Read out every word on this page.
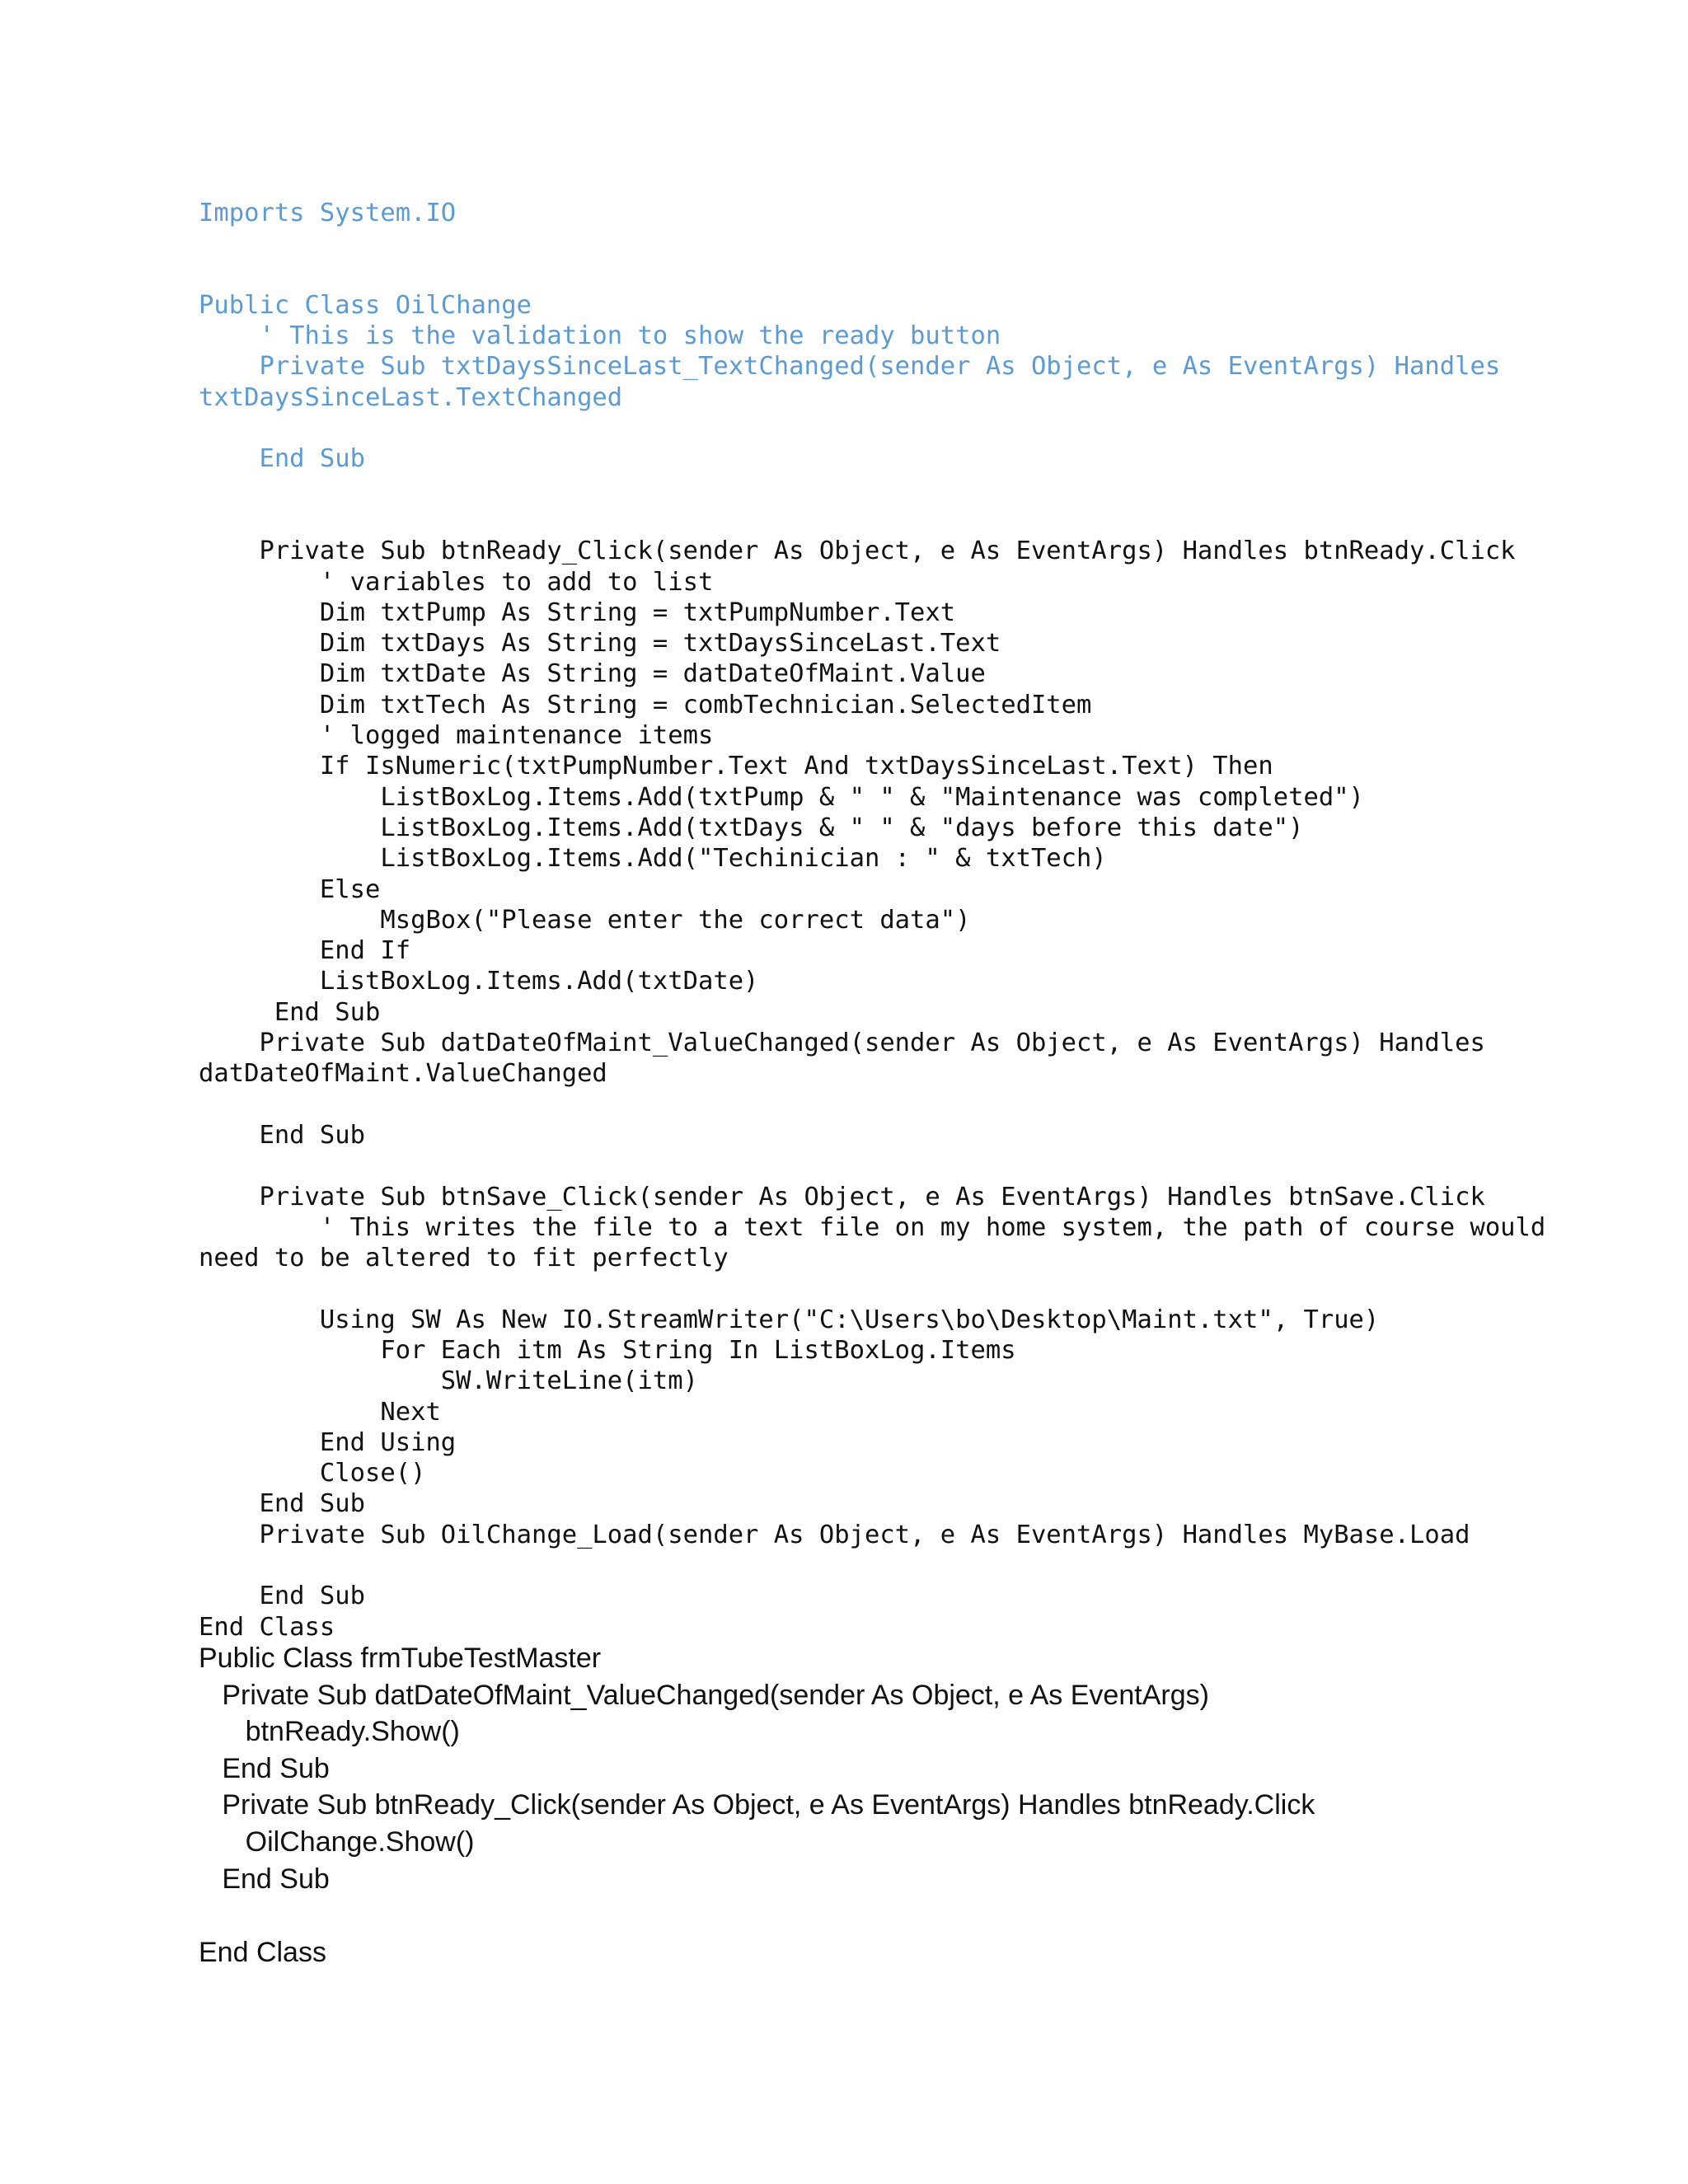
Imports System.IO
Public Class OilChange
' This is the validation to show the ready button
Private Sub txtDaysSinceLast_TextChanged(sender As Object, e As EventArgs) Handles
txtDaysSinceLast.TextChanged
End Sub
Private Sub btnReady_Click(sender As Object, e As EventArgs) Handles btnReady.Click
' variables to add to list
Dim txtPump As String = txtPumpNumber.Text
Dim txtDays As String = txtDaysSinceLast.Text
Dim txtDate As String = datDateOfMaint.Value
Dim txtTech As String = combTechnician.SelectedItem
' logged maintenance items
If IsNumeric(txtPumpNumber.Text And txtDaysSinceLast.Text) Then
ListBoxLog.Items.Add(txtPump & " " & "Maintenance was completed")
ListBoxLog.Items.Add(txtDays & " " & "days before this date")
ListBoxLog.Items.Add("Techinician : " & txtTech)
Else
MsgBox("Please enter the correct data")
End If
ListBoxLog.Items.Add(txtDate)
End Sub
Private Sub datDateOfMaint_ValueChanged(sender As Object, e As EventArgs) Handles
datDateOfMaint.ValueChanged
End Sub
Private Sub btnSave_Click(sender As Object, e As EventArgs) Handles btnSave.Click
' This writes the file to a text file on my home system, the path of course would
need to be altered to fit perfectly
Using SW As New IO.StreamWriter("C:\Users\bo\Desktop\Maint.txt", True)
For Each itm As String In ListBoxLog.Items
SW.WriteLine(itm)
Next
End Using
Close()
End Sub
Private Sub OilChange_Load(sender As Object, e As EventArgs) Handles MyBase.Load
End Sub
End Class
Public Class frmTubeTestMaster
Private Sub datDateOfMaint_ValueChanged(sender As Object, e As EventArgs)
btnReady.Show()
End Sub
Private Sub btnReady_Click(sender As Object, e As EventArgs) Handles btnReady.Click
OilChange.Show()
End Sub
End Class
